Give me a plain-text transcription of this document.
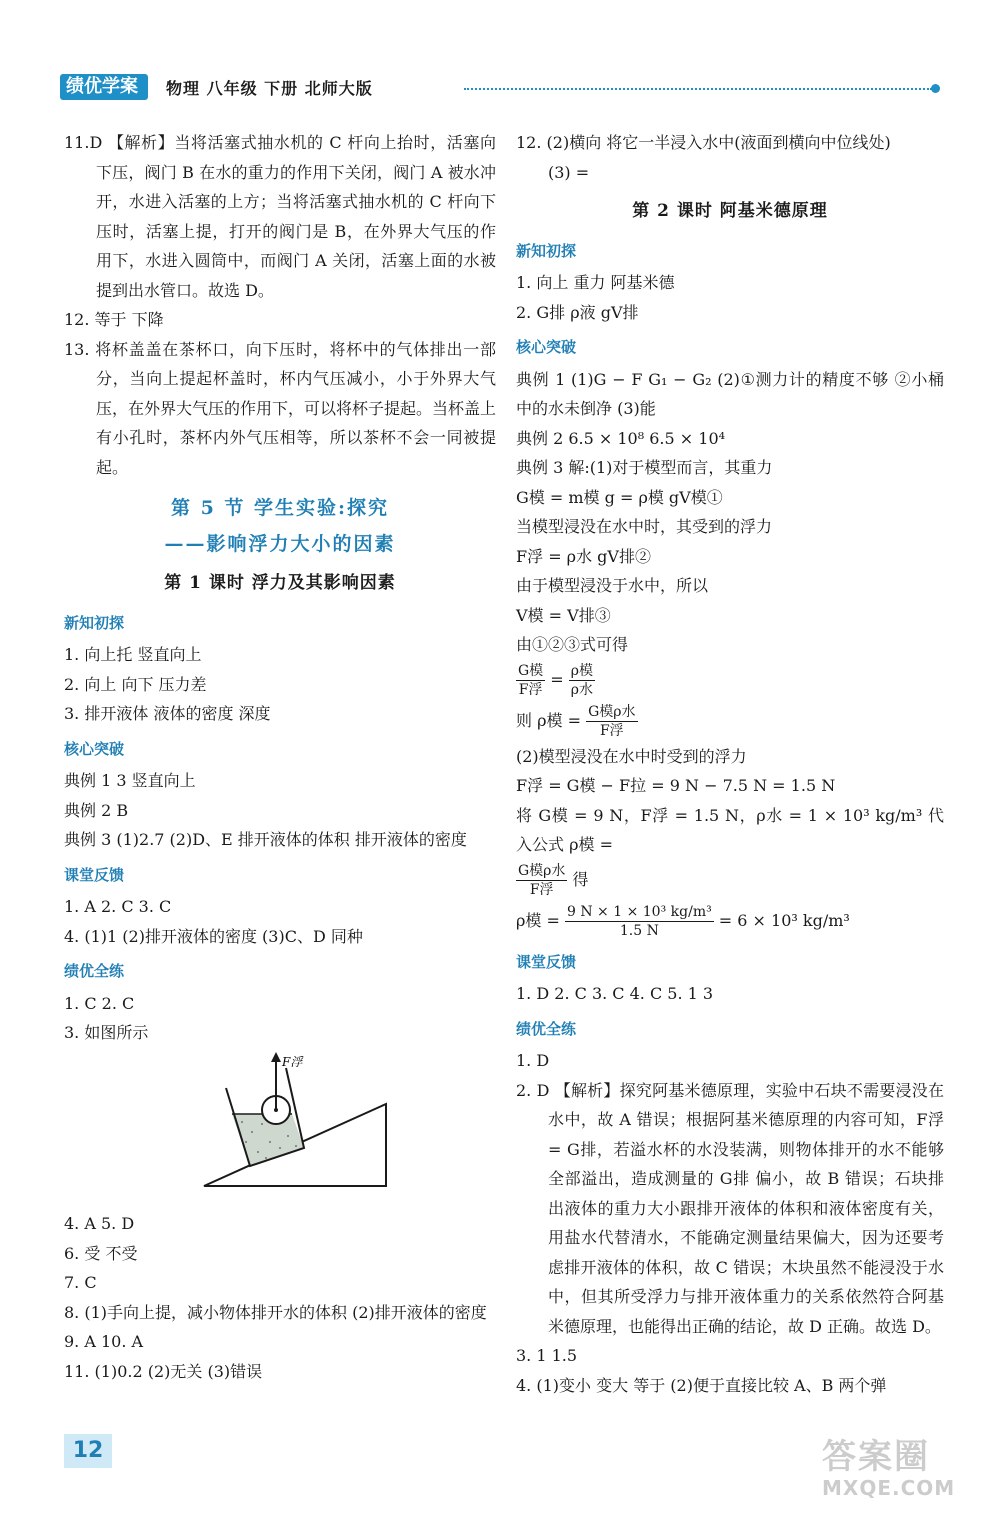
绩优学案	物理 八年级 下册 北师大版

11.D 【解析】当将活塞式抽水机的 C 杆向上抬时，活塞向下压，阀门 B 在水的重力的作用下关闭，阀门 A 被水冲开，水进入活塞的上方；当将活塞式抽水机的 C 杆向下压时，活塞上提，打开的阀门是 B，在外界大气压的作用下，水进入圆筒中，而阀门 A 关闭，活塞上面的水被提到出水管口。故选 D。

12. 等于 下降

13. 将杯盖盖在茶杯口，向下压时，将杯中的气体排出一部分，当向上提起杯盖时，杯内气压减小，小于外界大气压，在外界大气压的作用下，可以将杯子提起。当杯盖上有小孔时，茶杯内外气压相等，所以茶杯不会一同被提起。

第 5 节 学生实验:探究
——影响浮力大小的因素
第 1 课时 浮力及其影响因素
新知初探

1. 向上托 竖直向上

2. 向上 向下 压力差

3. 排开液体 液体的密度 深度

核心突破

典例 1 3 竖直向上

典例 2 B

典例 3 (1)2.7 (2)D、E 排开液体的体积 排开液体的密度

课堂反馈

1. A 2. C 3. C

4. (1)1 (2)排开液体的密度 (3)C、D 同种

绩优全练

1. C 2. C

3. 如图所示

F浮

4. A 5. D

6. 受 不受

7. C

8. (1)手向上提，减小物体排开水的体积 (2)排开液体的密度

9. A 10. A

11. (1)0.2 (2)无关 (3)错误

12. (2)横向 将它一半浸入水中(液面到横向中位线处)

(3) =

第 2 课时 阿基米德原理
新知初探

1. 向上 重力 阿基米德

2. G排 ρ液 gV排

核心突破

典例 1 (1)G − F G₁ − G₂ (2)①测力计的精度不够 ②小桶中的水未倒净 (3)能

典例 2 6.5 × 10⁸ 6.5 × 10⁴

典例 3 解:(1)对于模型而言，其重力

G模 = m模 g = ρ模 gV模①

当模型浸没在水中时，其受到的浮力

F浮 = ρ水 gV排②

由于模型浸没于水中，所以

V模 = V排③

由①②③式可得

$\frac{\text{G模}}{\text{F浮}} = \frac{\text{ρ模}}{\text{ρ水}}$

则 ρ模 = $\frac{\text{G模ρ水}}{\text{F浮}}$

(2)模型浸没在水中时受到的浮力

F浮 = G模 − F拉 = 9 N − 7.5 N = 1.5 N

将 G模 = 9 N，F浮 = 1.5 N，ρ水 = 1 × 10³ kg/m³ 代入公式 ρ模 =

$\frac{\text{G模ρ水}}{\text{F浮}}$ 得

ρ模 = $\frac{\text{9 N × 1 × 10³ kg/m³}}{1.5 N} = 6 \times 10^3$ kg/m³

课堂反馈

1. D 2. C 3. C 4. C 5. 1 3

绩优全练

1. D

2. D 【解析】探究阿基米德原理，实验中石块不需要浸没在水中，故 A 错误；根据阿基米德原理的内容可知，F浮 = G排，若溢水杯的水没装满，则物体排开的水不能够全部溢出，造成测量的 G排 偏小，故 B 错误；石块排出液体的重力大小跟排开液体的体积和液体密度有关，用盐水代替清水，不能确定测量结果偏大，因为还要考虑排开液体的体积，故 C 错误；木块虽然不能浸没于水中，但其所受浮力与排开液体重力的关系依然符合阿基米德原理，也能得出正确的结论，故 D 正确。故选 D。

3. 1 1.5

4. (1)变小 变大 等于 (2)便于直接比较 A、B 两个弹

12	答案圈
MXQE.COM
